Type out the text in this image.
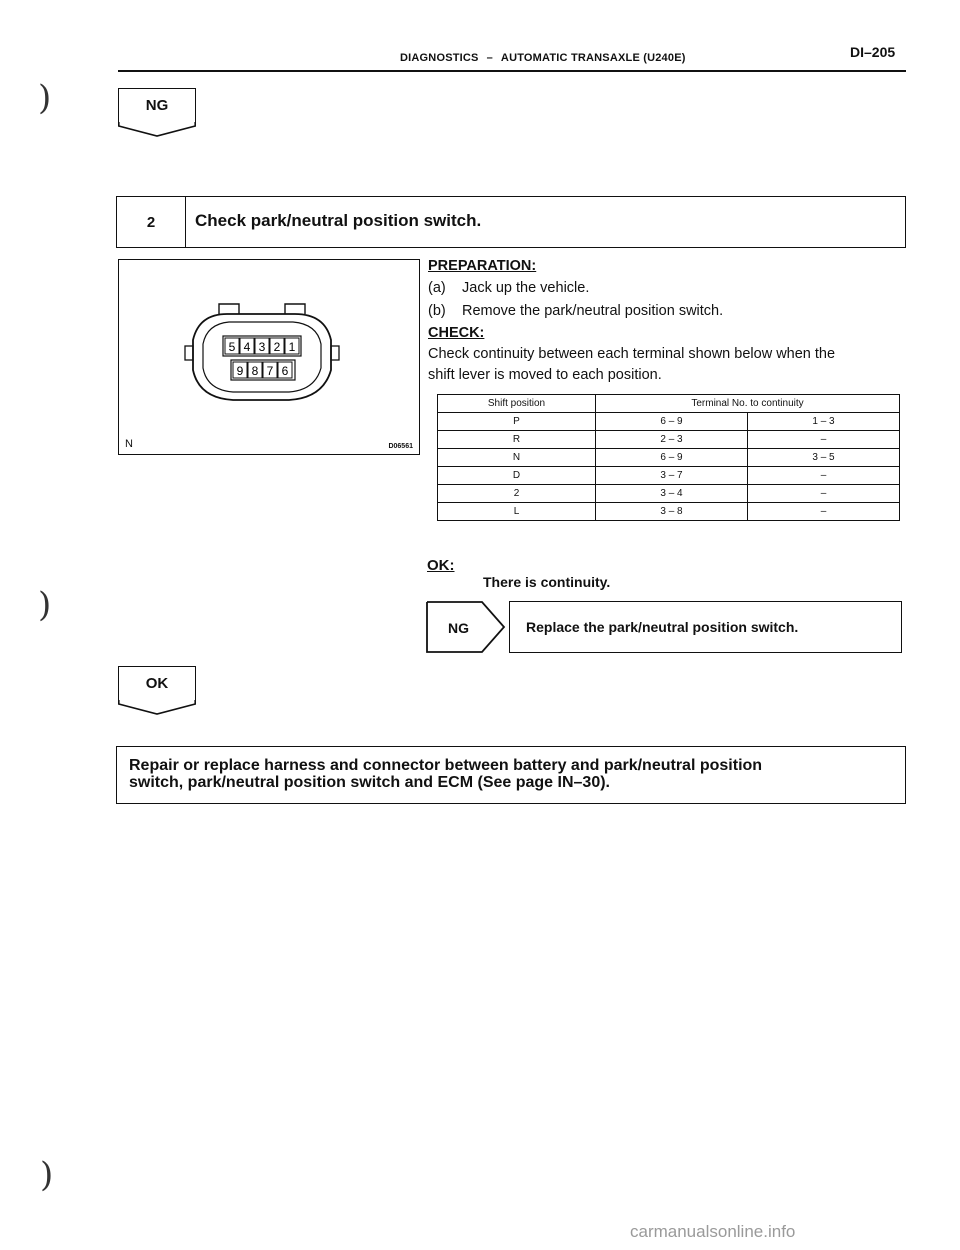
DIAGNOSTICS – AUTOMATIC TRANSAXLE (U240E)	DI–205
)
)
)
NG
2	Check park/neutral position switch.
5 4 3 2 1
9 8 7 6
N	D06561
PREPARATION:
(a) Jack up the vehicle.
(b) Remove the park/neutral position switch.
CHECK:
Check continuity between each terminal shown below when the
shift lever is moved to each position.
Shift position	Terminal No. to continuity	
P	6 – 9	1 – 3
R	2 – 3	–
N	6 – 9	3 – 5
D	3 – 7	–
2	3 – 4	–
L	3 – 8	–
OK:
There is continuity.
NG	Replace the park/neutral position switch.
OK
Repair or replace harness and connector between battery and park/neutral position
switch, park/neutral position switch and ECM (See page IN–30).
carmanualsonline.info
